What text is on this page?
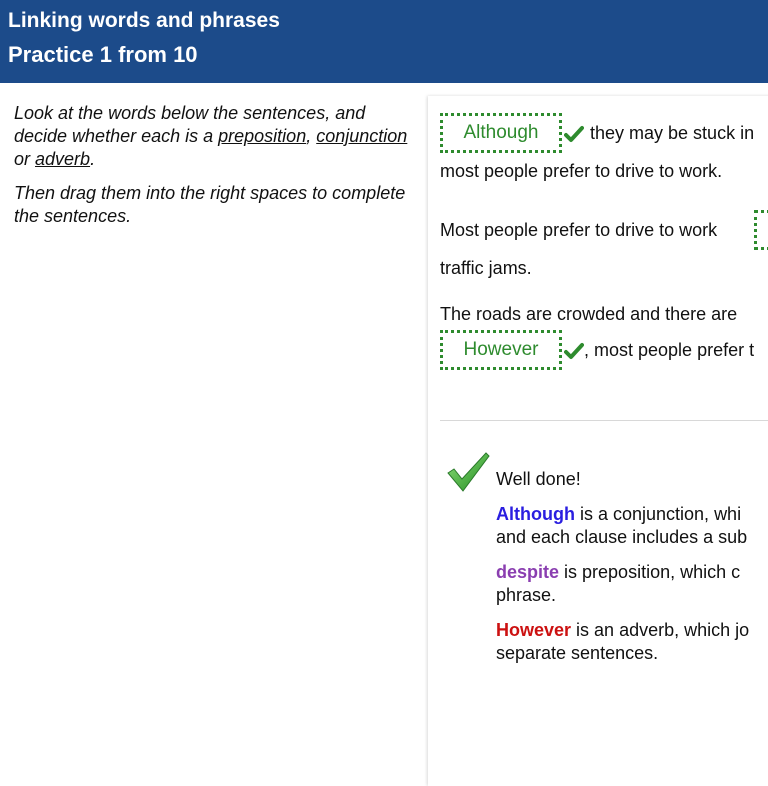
Linking words and phrases
Practice 1 from 10

Look at the words below the sentences, and decide whether each is a preposition, conjunction or adverb.

Then drag them into the right spaces to complete the sentences.

Although	they may be stuck in
most people prefer to drive to work.
Most people prefer to drive to work
traffic jams.
The roads are crowded and there are
However	, most people prefer t
Well done!
Although is a conjunction, whi
and each clause includes a sub
despite is preposition, which c
phrase.
However is an adverb, which jo
separate sentences.
